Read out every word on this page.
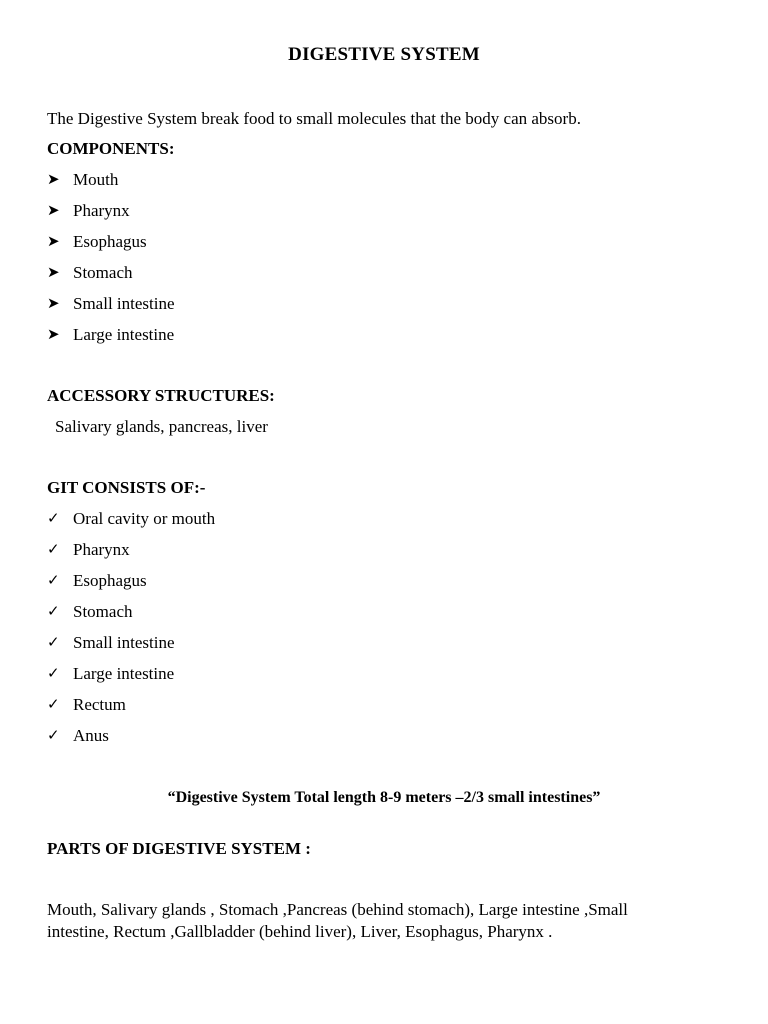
DIGESTIVE SYSTEM
The Digestive System break food to small molecules that the body can absorb.
COMPONENTS:
➤ Mouth
➤ Pharynx
➤ Esophagus
➤ Stomach
➤ Small intestine
➤ Large intestine
ACCESSORY STRUCTURES:
Salivary glands, pancreas, liver
GIT CONSISTS OF:-
✓ Oral cavity or mouth
✓ Pharynx
✓ Esophagus
✓ Stomach
✓ Small intestine
✓ Large intestine
✓ Rectum
✓ Anus
“Digestive System Total length 8-9 meters –2/3 small intestines”
PARTS OF DIGESTIVE SYSTEM :
Mouth, Salivary glands , Stomach ,Pancreas (behind stomach), Large intestine ,Small intestine, Rectum ,Gallbladder (behind liver), Liver, Esophagus, Pharynx .
